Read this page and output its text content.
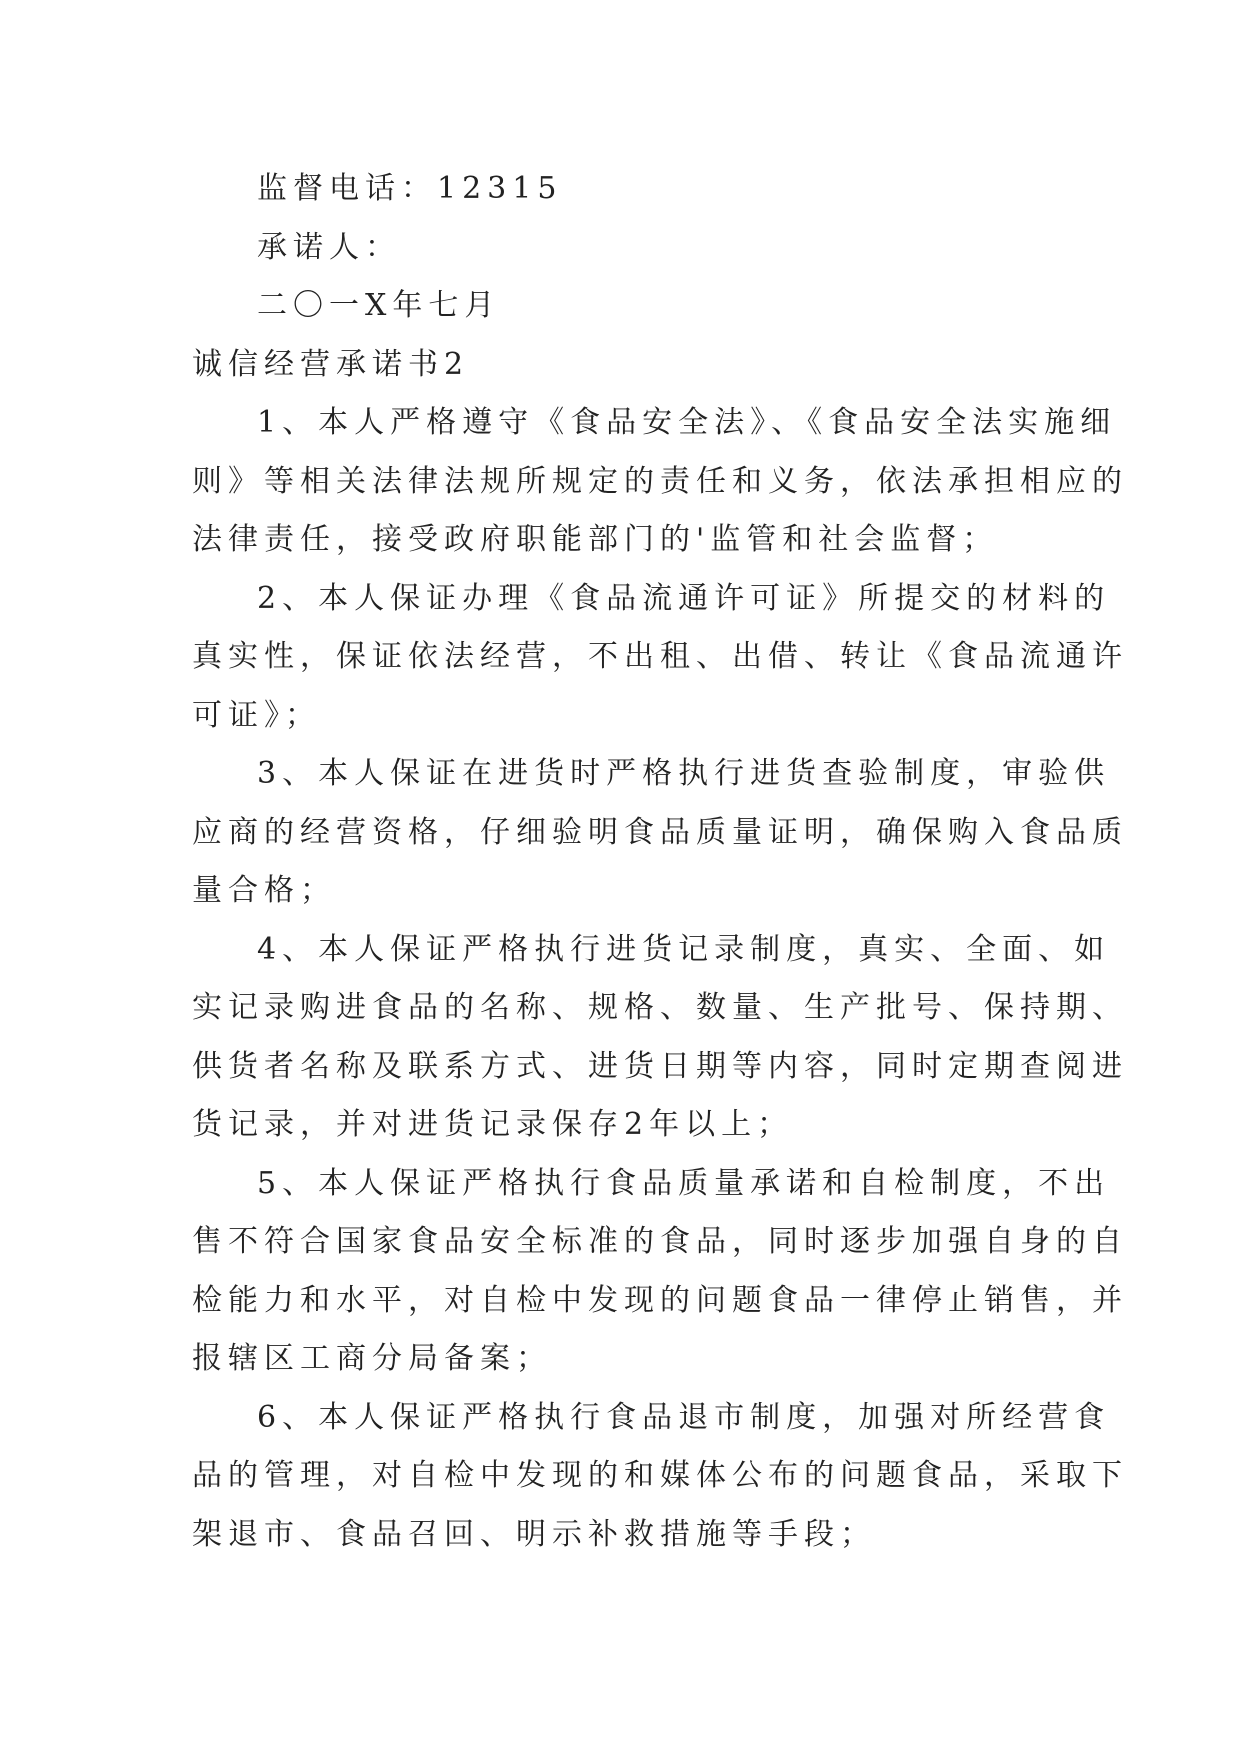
监督电话：12315

承诺人：

二〇一X年七月

诚信经营承诺书2

1、本人严格遵守《食品安全法》、《食品安全法实施细
则》等相关法律法规所规定的责任和义务，依法承担相应的
法律责任，接受政府职能部门的'监管和社会监督；
2、本人保证办理《食品流通许可证》所提交的材料的
真实性，保证依法经营，不出租、出借、转让《食品流通许
可证》；
3、本人保证在进货时严格执行进货查验制度，审验供
应商的经营资格，仔细验明食品质量证明，确保购入食品质
量合格；
4、本人保证严格执行进货记录制度，真实、全面、如
实记录购进食品的名称、规格、数量、生产批号、保持期、
供货者名称及联系方式、进货日期等内容，同时定期查阅进
货记录，并对进货记录保存2年以上；
5、本人保证严格执行食品质量承诺和自检制度，不出
售不符合国家食品安全标准的食品，同时逐步加强自身的自
检能力和水平，对自检中发现的问题食品一律停止销售，并
报辖区工商分局备案；
6、本人保证严格执行食品退市制度，加强对所经营食
品的管理，对自检中发现的和媒体公布的问题食品，采取下
架退市、食品召回、明示补救措施等手段；
